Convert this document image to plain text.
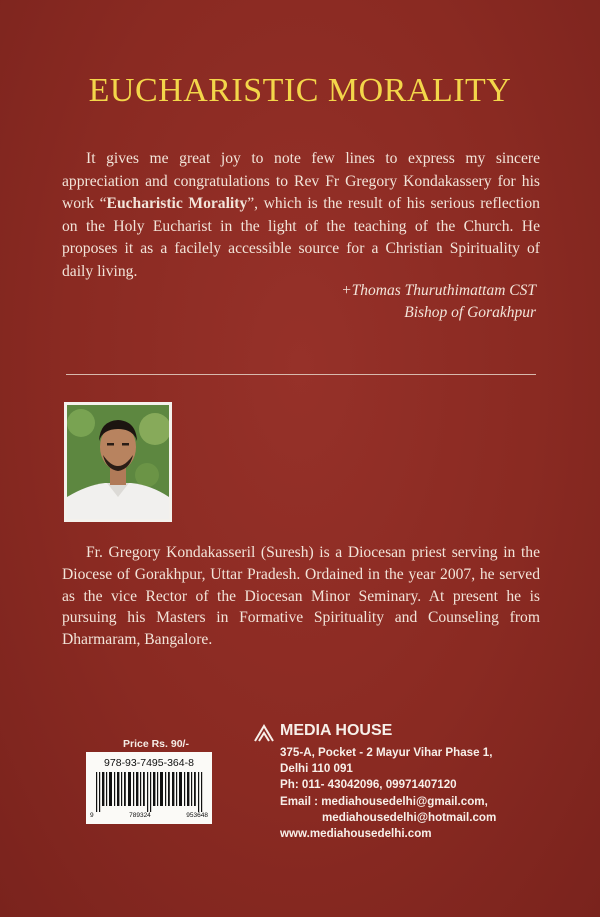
EUCHARISTIC MORALITY

It gives me great joy to note few lines to express my sincere appreciation and congratulations to Rev Fr Gregory Kondakassery for his work “Eucharistic Morality”, which is the result of his serious reflection on the Holy Eucharist in the light of the teaching of the Church. He proposes it as a facilely accessible source for a Christian Spirituality of daily living.

+Thomas Thuruthimattam CST
Bishop of Gorakhpur

Fr. Gregory Kondakasseril (Suresh) is a Diocesan priest serving in the Diocese of Gorakhpur, Uttar Pradesh. Ordained in the year 2007, he served as the vice Rector of the Diocesan Minor Seminary. At present he is pursuing his Masters in Formative Spirituality and Counseling from Dharmaram, Bangalore.

Price Rs. 90/-
978-93-7495-364-8
9	789324	953648
MEDIA HOUSE
375-A, Pocket - 2 Mayur Vihar Phase 1,
Delhi 110 091
Ph: 011- 43042096, 09971407120
Email : mediahousedelhi@gmail.com,
mediahousedelhi@hotmail.com
www.mediahousedelhi.com
